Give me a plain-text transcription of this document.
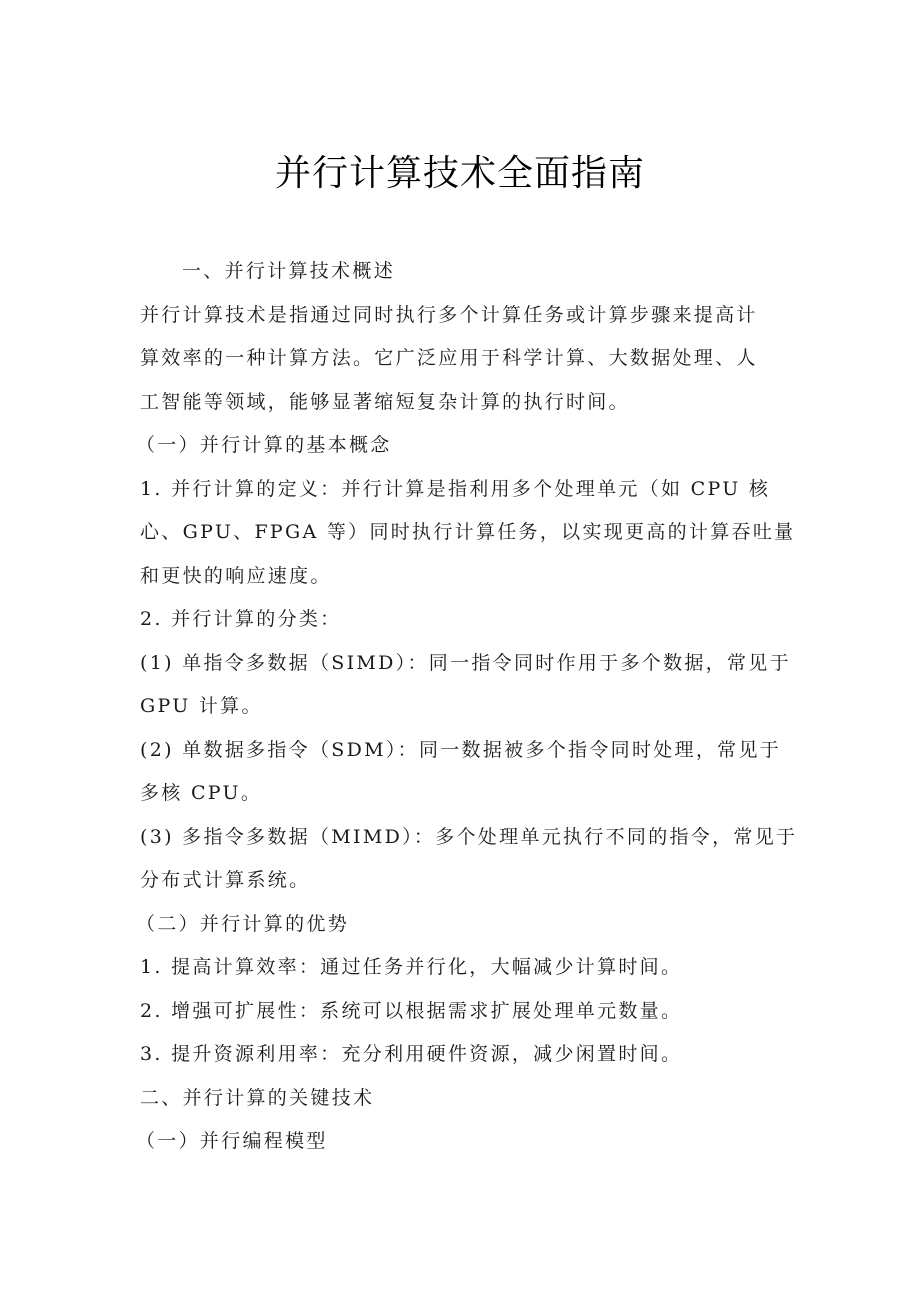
并行计算技术全面指南
一、并行计算技术概述
并行计算技术是指通过同时执行多个计算任务或计算步骤来提高计
算效率的一种计算方法。它广泛应用于科学计算、大数据处理、人
工智能等领域，能够显著缩短复杂计算的执行时间。
（一）并行计算的基本概念
1. 并行计算的定义：并行计算是指利用多个处理单元（如 CPU 核
心、GPU、FPGA 等）同时执行计算任务，以实现更高的计算吞吐量
和更快的响应速度。
2. 并行计算的分类：
(1) 单指令多数据（SIMD）：同一指令同时作用于多个数据，常见于
GPU 计算。
(2) 单数据多指令（SDM）：同一数据被多个指令同时处理，常见于
多核 CPU。
(3) 多指令多数据（MIMD）：多个处理单元执行不同的指令，常见于
分布式计算系统。
（二）并行计算的优势
1. 提高计算效率：通过任务并行化，大幅减少计算时间。
2. 增强可扩展性：系统可以根据需求扩展处理单元数量。
3. 提升资源利用率：充分利用硬件资源，减少闲置时间。
二、并行计算的关键技术
（一）并行编程模型
